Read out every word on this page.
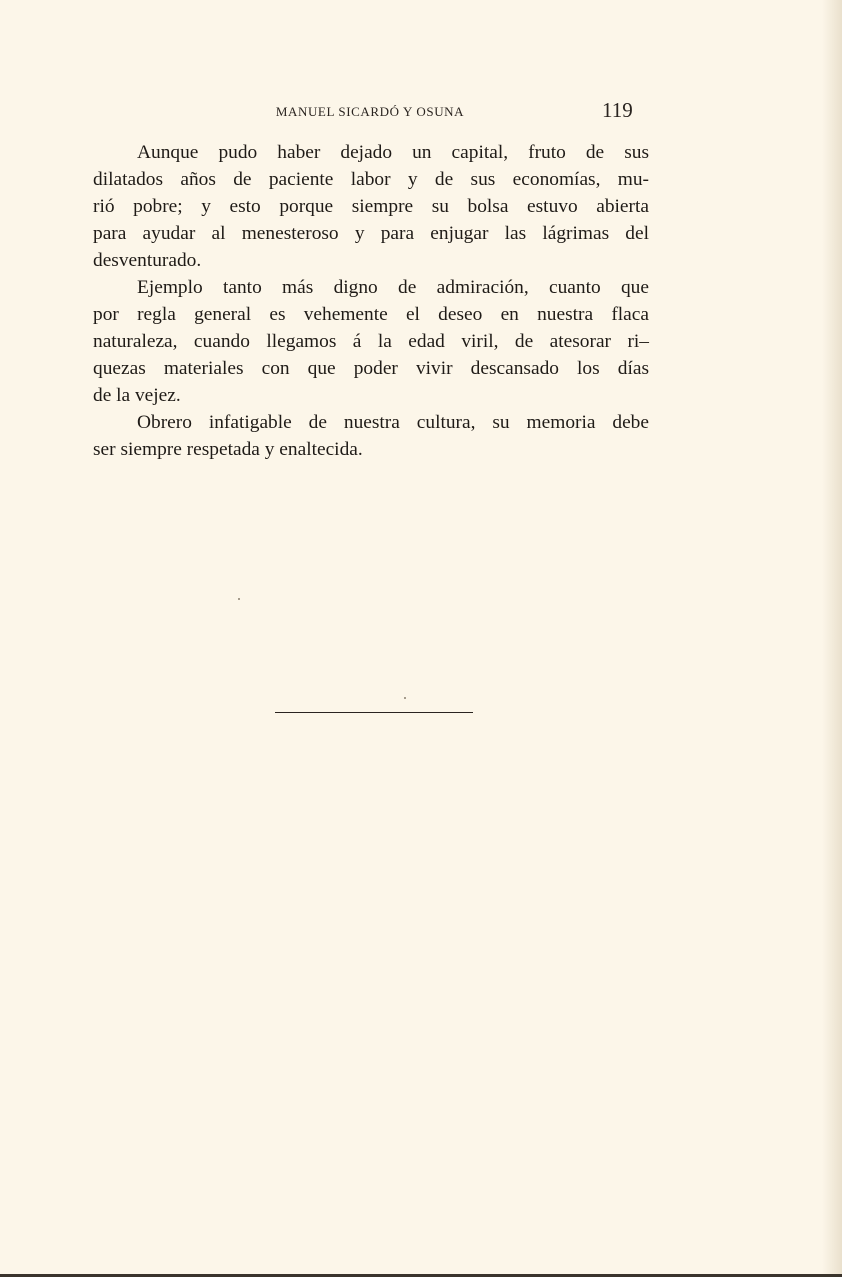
MANUEL SICARDÓ Y OSUNA	119

Aunque pudo haber dejado un capital, fruto de sus
dilatados años de paciente labor y de sus economías, mu-
rió pobre; y esto porque siempre su bolsa estuvo abierta
para ayudar al menesteroso y para enjugar las lágrimas del
desventurado.

Ejemplo tanto más digno de admiración, cuanto que
por regla general es vehemente el deseo en nuestra flaca
naturaleza, cuando llegamos á la edad viril, de atesorar ri–
quezas materiales con que poder vivir descansado los días
de la vejez.

Obrero infatigable de nuestra cultura, su memoria debe
ser siempre respetada y enaltecida.
